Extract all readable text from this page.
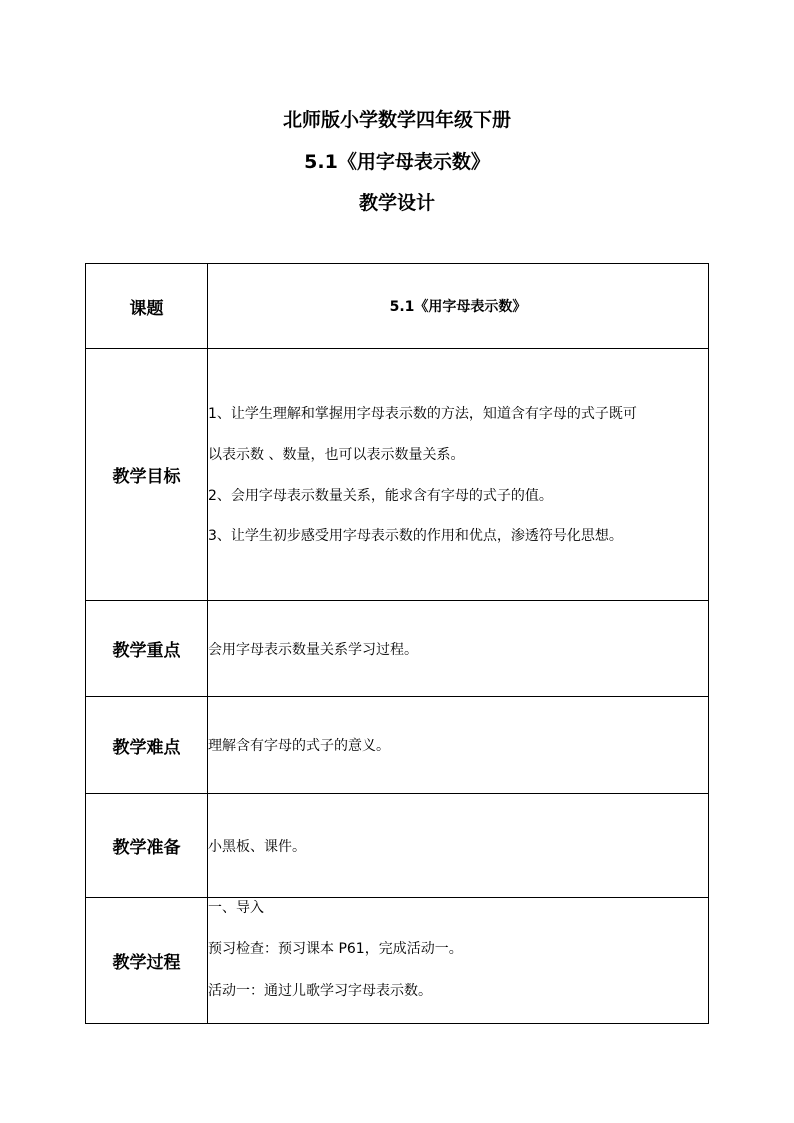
北师版小学数学四年级下册
5.1《用字母表示数》
教学设计
课题	5.1《用字母表示数》
教学目标	1、让学生理解和掌握用字母表示数的方法，知道含有字母的式子既可
以表示数 、数量，也可以表示数量关系。
2、会用字母表示数量关系，能求含有字母的式子的值。
3、让学生初步感受用字母表示数的作用和优点，渗透符号化思想。

教学重点	会用字母表示数量关系学习过程。
教学难点	理解含有字母的式子的意义。
教学准备	小黑板、课件。
教学过程	一、导入
预习检查：预习课本 P61，完成活动一。
活动一：通过儿歌学习字母表示数。
